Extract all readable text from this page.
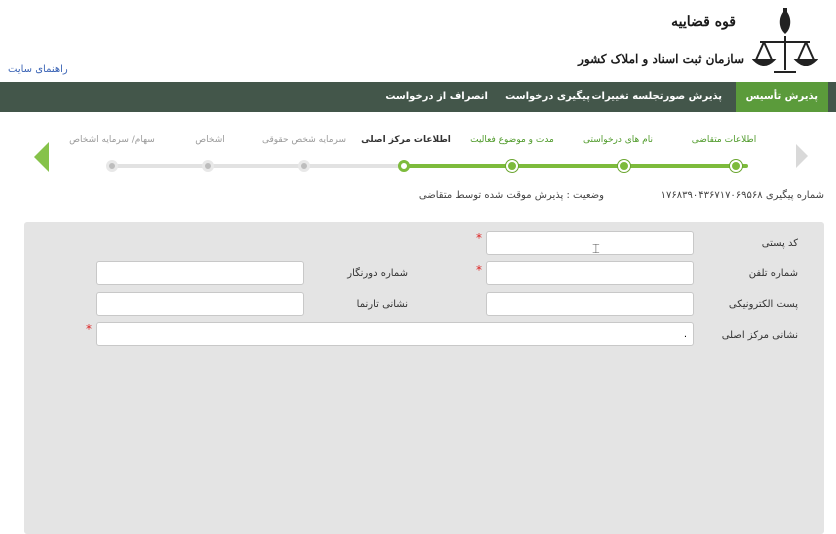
قوه قضاییه
سازمان ثبت اسناد و املاک کشور
راهنمای سایت
پذیرش تأسیس
پذیرش صورتجلسه تغییرات
پیگیری درخواست
انصراف از درخواست
اطلاعات متقاضی
نام های درخواستی
مدت و موضوع فعالیت
اطلاعات مرکز اصلی
سرمایه شخص حقوقی
اشخاص
سهام/ سرمایه اشخاص
شماره پیگیری ۱۷۶۸۳۹۰۴۳۶۷۱۷۰۶۹۵۶۸
وضعیت : پذیرش موقت شده توسط متقاضی
کد پستی
*
⌶
شماره تلفن
*
شماره دورنگار
پست الکترونیکی
نشانی تارنما
نشانی مرکز اصلی
.
*
